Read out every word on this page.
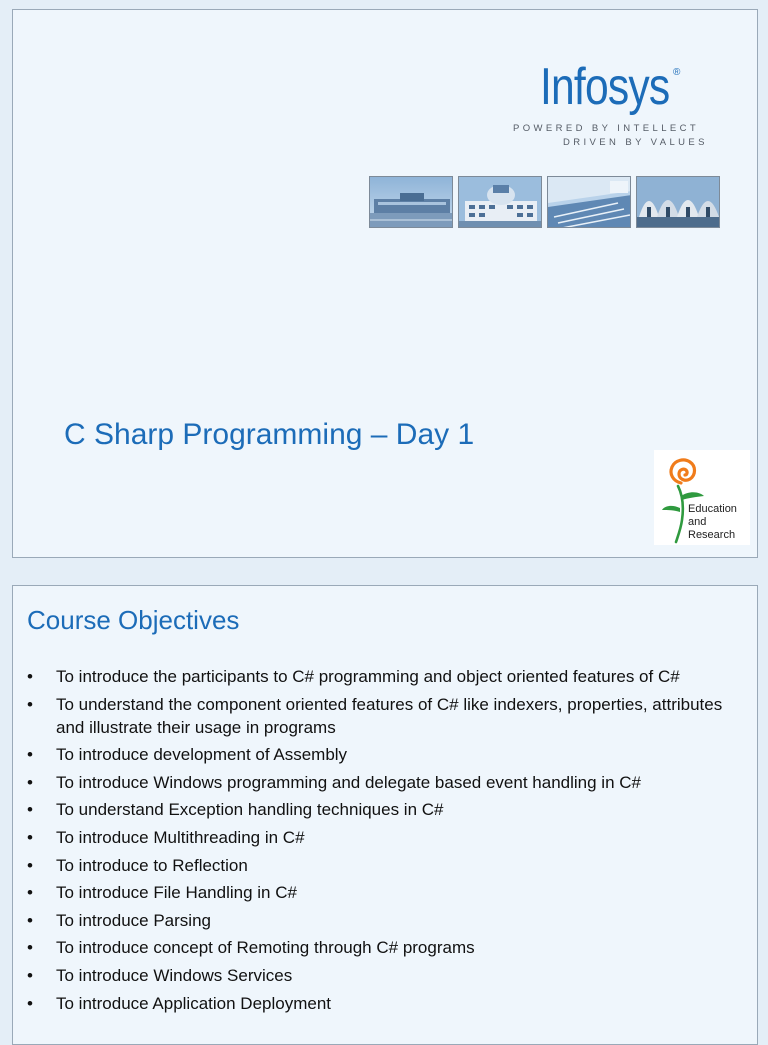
Infosys ®
POWERED BY INTELLECT
DRIVEN BY VALUES
C Sharp Programming – Day 1
Education
and
Research
Course Objectives
• To introduce the participants to C# programming and object oriented features of C#
• To understand the component oriented features of C# like indexers, properties, attributes and illustrate their usage in programs
• To introduce development of Assembly
• To introduce Windows programming and delegate based event handling in C#
• To understand Exception handling techniques in C#
• To introduce Multithreading in C#
• To introduce to Reflection
• To introduce File Handling in C#
• To introduce Parsing
• To introduce concept of Remoting through C# programs
• To introduce Windows Services
• To introduce Application Deployment
